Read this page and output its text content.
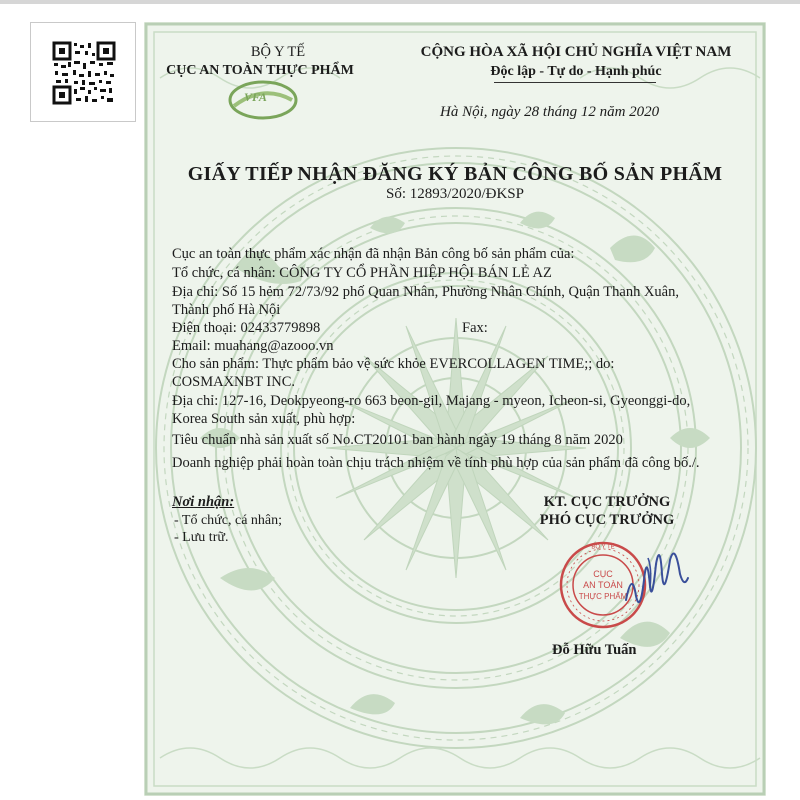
BỘ Y TẾ
CỤC AN TOÀN THỰC PHẨM
VFA
CỘNG HÒA XÃ HỘI CHỦ NGHĨA VIỆT NAM
Độc lập - Tự do - Hạnh phúc
Hà Nội, ngày 28 tháng 12 năm 2020
GIẤY TIẾP NHẬN ĐĂNG KÝ BẢN CÔNG BỐ SẢN PHẨM
Số: 12893/2020/ĐKSP
Cục an toàn thực phẩm xác nhận đã nhận Bản công bố sản phẩm của:
Tổ chức, cá nhân: CÔNG TY CỔ PHẦN HIỆP HỘI BÁN LẺ AZ
Địa chỉ: Số 15 hẻm 72/73/92 phố Quan Nhân, Phường Nhân Chính, Quận Thanh Xuân,
Thành phố Hà Nội
Điện thoại: 02433779898	Fax:
Email: muahang@azooo.vn
Cho sản phẩm: Thực phẩm bảo vệ sức khỏe EVERCOLLAGEN TIME;; do:
COSMAXNBT INC.
Địa chỉ: 127-16, Deokpyeong-ro 663 beon-gil, Majang - myeon, Icheon-si, Gyeonggi-do,
Korea South sản xuất, phù hợp:
Tiêu chuẩn nhà sản xuất số No.CT20101 ban hành ngày 19 tháng 8 năm 2020
Doanh nghiệp phải hoàn toàn chịu trách nhiệm về tính phù hợp của sản phẩm đã công bố./.
Nơi nhận:
- Tổ chức, cá nhân;
- Lưu trữ.
KT. CỤC TRƯỞNG
PHÓ CỤC TRƯỞNG
BỘ Y TẾ
CỤC
AN TOÀN
THỰC PHẨM
Đỗ Hữu Tuấn
